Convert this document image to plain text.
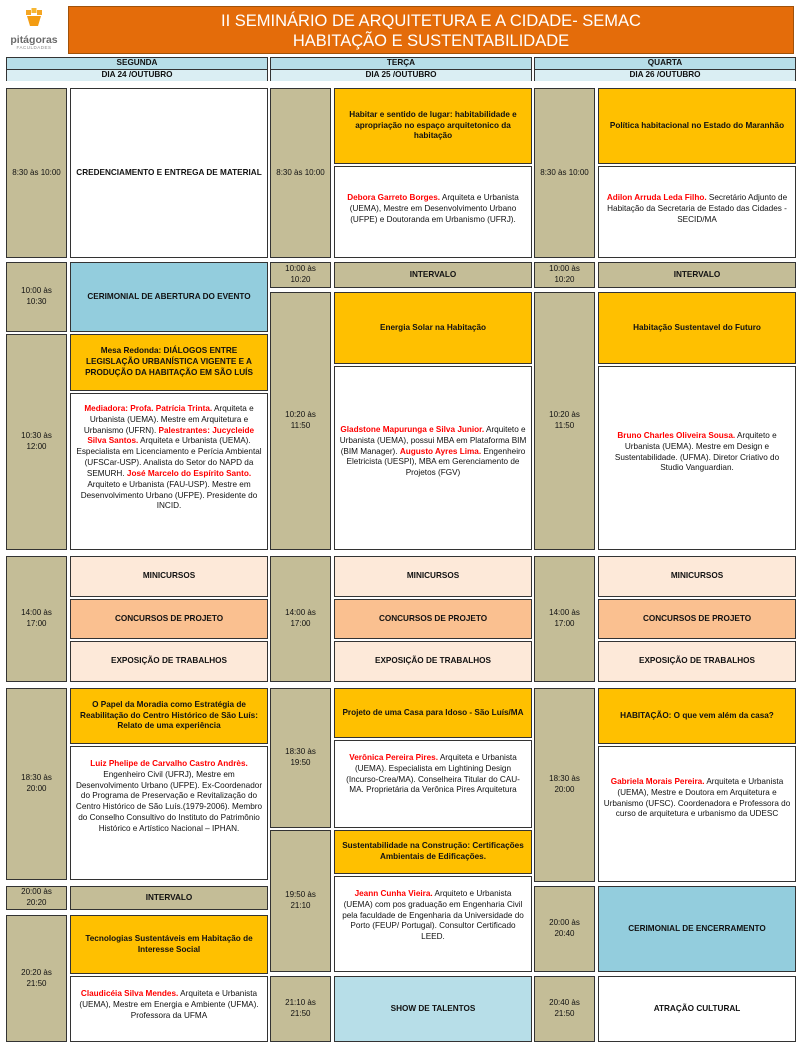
pitágoras
FACULDADES
II SEMINÁRIO DE ARQUITETURA E A CIDADE- SEMAC
HABITAÇÃO E SUSTENTABILIDADE
SEGUNDA
DIA 24 /OUTUBRO
TERÇA
DIA 25 /OUTUBRO
QUARTA
DIA 26 /OUTUBRO
8:30 às 10:00	CREDENCIAMENTO E ENTREGA DE MATERIAL
10:00 às 10:30
CERIMONIAL DE ABERTURA DO EVENTO
10:30 às 12:00
Mesa Redonda: DIÁLOGOS ENTRE LEGISLAÇÃO URBANÍSTICA VIGENTE E A PRODUÇÃO DA HABITAÇÃO EM SÃO LUÍS
Mediadora: Profa. Patrícia Trinta. Arquiteta e Urbanista (UEMA). Mestre em Arquitetura e Urbanismo (UFRN). Palestrantes: Jucycleide Silva Santos. Arquiteta e Urbanista (UEMA). Especialista em Licenciamento e Perícia Ambiental (UFSCar-USP). Analista do Setor do NAPD da SEMURH. José Marcelo do Espírito Santo. Arquiteto e Urbanista (FAU-USP). Mestre em Desenvolvimento Urbano (UFPE). Presidente do INCID.
14:00 às 17:00
MINICURSOS
CONCURSOS DE PROJETO
EXPOSIÇÃO DE TRABALHOS
18:30 às 20:00
O Papel da Moradia como Estratégia de Reabilitação do Centro Histórico de São Luís: Relato de uma experiência
Luiz Phelipe de Carvalho Castro Andrès. Engenheiro Civil (UFRJ), Mestre em Desenvolvimento Urbano (UFPE). Ex-Coordenador do Programa de Preservação e Revitalização do Centro Histórico de São Luís.(1979-2006). Membro do Conselho Consultivo do Instituto do Patrimônio Histórico e Artístico Nacional – IPHAN.
20:00 às 20:20
INTERVALO
20:20 às 21:50
Tecnologias Sustentáveis em Habitação de Interesse Social
Claudicéia Silva Mendes. Arquiteta e Urbanista (UEMA), Mestre em Energia e Ambiente (UFMA). Professora da UFMA
8:30 às 10:00
Habitar e sentido de lugar: habitabilidade e apropriação no espaço arquitetonico da habitação
Debora Garreto Borges. Arquiteta e Urbanista (UEMA), Mestre em Desenvolvimento Urbano (UFPE) e Doutoranda em Urbanismo (UFRJ).
10:00 às 10:20
INTERVALO
10:20 às 11:50
Energia Solar na Habitação
Gladstone Mapurunga e Silva Junior. Arquiteto e Urbanista (UEMA), possui MBA em Plataforma BIM (BIM Manager). Augusto Ayres Lima. Engenheiro Eletricista (UESPI), MBA em Gerenciamento de Projetos (FGV)
14:00 às 17:00
MINICURSOS
CONCURSOS DE PROJETO
EXPOSIÇÃO DE TRABALHOS
18:30 às 19:50
Projeto de uma Casa para Idoso - São Luís/MA
Verônica Pereira Pires. Arquiteta e Urbanista (UEMA). Especialista em Lightining Design (Incurso-Crea/MA). Conselheira Titular do CAU-MA. Proprietária da Verônica Pires Arquitetura
19:50 às 21:10
Sustentabilidade na Construção: Certificações Ambientais de Edificações.
Jeann Cunha Vieira. Arquiteto e Urbanista (UEMA) com pos graduação em Engenharia Civil pela faculdade de Engenharia da Universidade do Porto (FEUP/ Portugal). Consultor Certificado LEED.
21:10 às 21:50
SHOW DE TALENTOS
8:30 às 10:00
Política habitacional no Estado do Maranhão
Adilon Arruda Leda Filho. Secretário Adjunto de Habitação da Secretaria de Estado das Cidades - SECID/MA
10:00 às 10:20
INTERVALO
10:20 às 11:50
Habitação Sustentavel do Futuro
Bruno Charles Oliveira Sousa. Arquiteto e Urbanista (UEMA). Mestre em Design e Sustentabilidade. (UFMA). Diretor Criativo do Studio Vanguardian.
14:00 às 17:00
MINICURSOS
CONCURSOS DE PROJETO
EXPOSIÇÃO DE TRABALHOS
18:30 às 20:00
HABITAÇÃO: O que vem além da casa?
Gabriela Morais Pereira. Arquiteta e Urbanista (UEMA), Mestre e Doutora em Arquitetura e Urbanismo (UFSC). Coordenadora e Professora do curso de arquitetura e urbanismo da UDESC
20:00 às 20:40
CERIMONIAL DE ENCERRAMENTO
20:40 às 21:50
ATRAÇÃO CULTURAL
